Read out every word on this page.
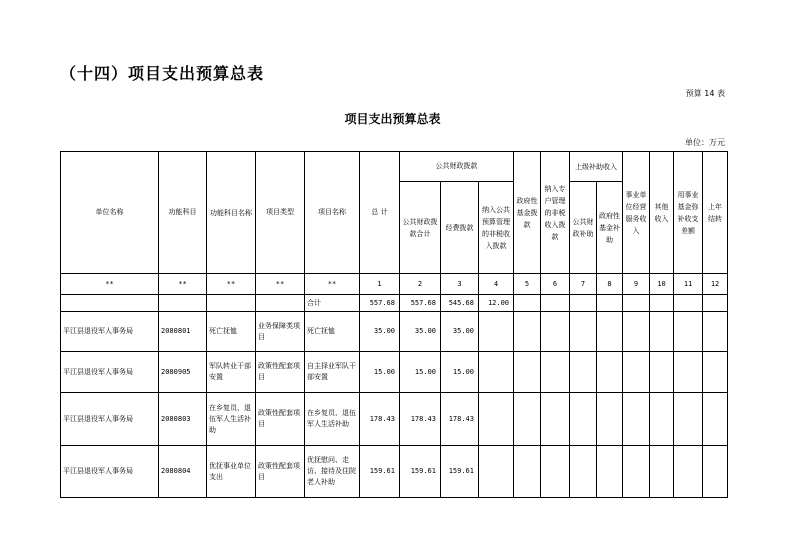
（十四）项目支出预算总表
预算 14 表
项目支出预算总表
单位：万元
单位名称	功能科目	功能科目名称	项目类型	项目名称	总 计	公共财政拨款			政府性基金拨款	纳入专户管理的非税收入拨款	上级补助收入		事业单位经营服务收入	其他收入	用事业基金弥补收支差额	上年结转
						公共财政拨款合计	经费拨款	纳入公共预算管理的非税收入拨款			公共财政补助	政府性基金补助				
**	**	**	**	**	1	2	3	4	5	6	7	8	9	10	11	12
				合计	557.68	557.68	545.68	12.00								
平江县退役军人事务局	2080801	死亡抚恤	业务保障类项目	死亡抚恤	35.00	35.00	35.00									
平江县退役军人事务局	2080905	军队转业干部安置	政策性配套项目	自主择业军队干部安置	15.00	15.00	15.00									
平江县退役军人事务局	2080803	在乡复员、退伍军人生活补助	政策性配套项目	在乡复员、退伍军人生活补助	178.43	178.43	178.43									
平江县退役军人事务局	2080804	优抚事业单位支出	政策性配套项目	优抚慰问、走访、接待及住院老人补助	159.61	159.61	159.61									
